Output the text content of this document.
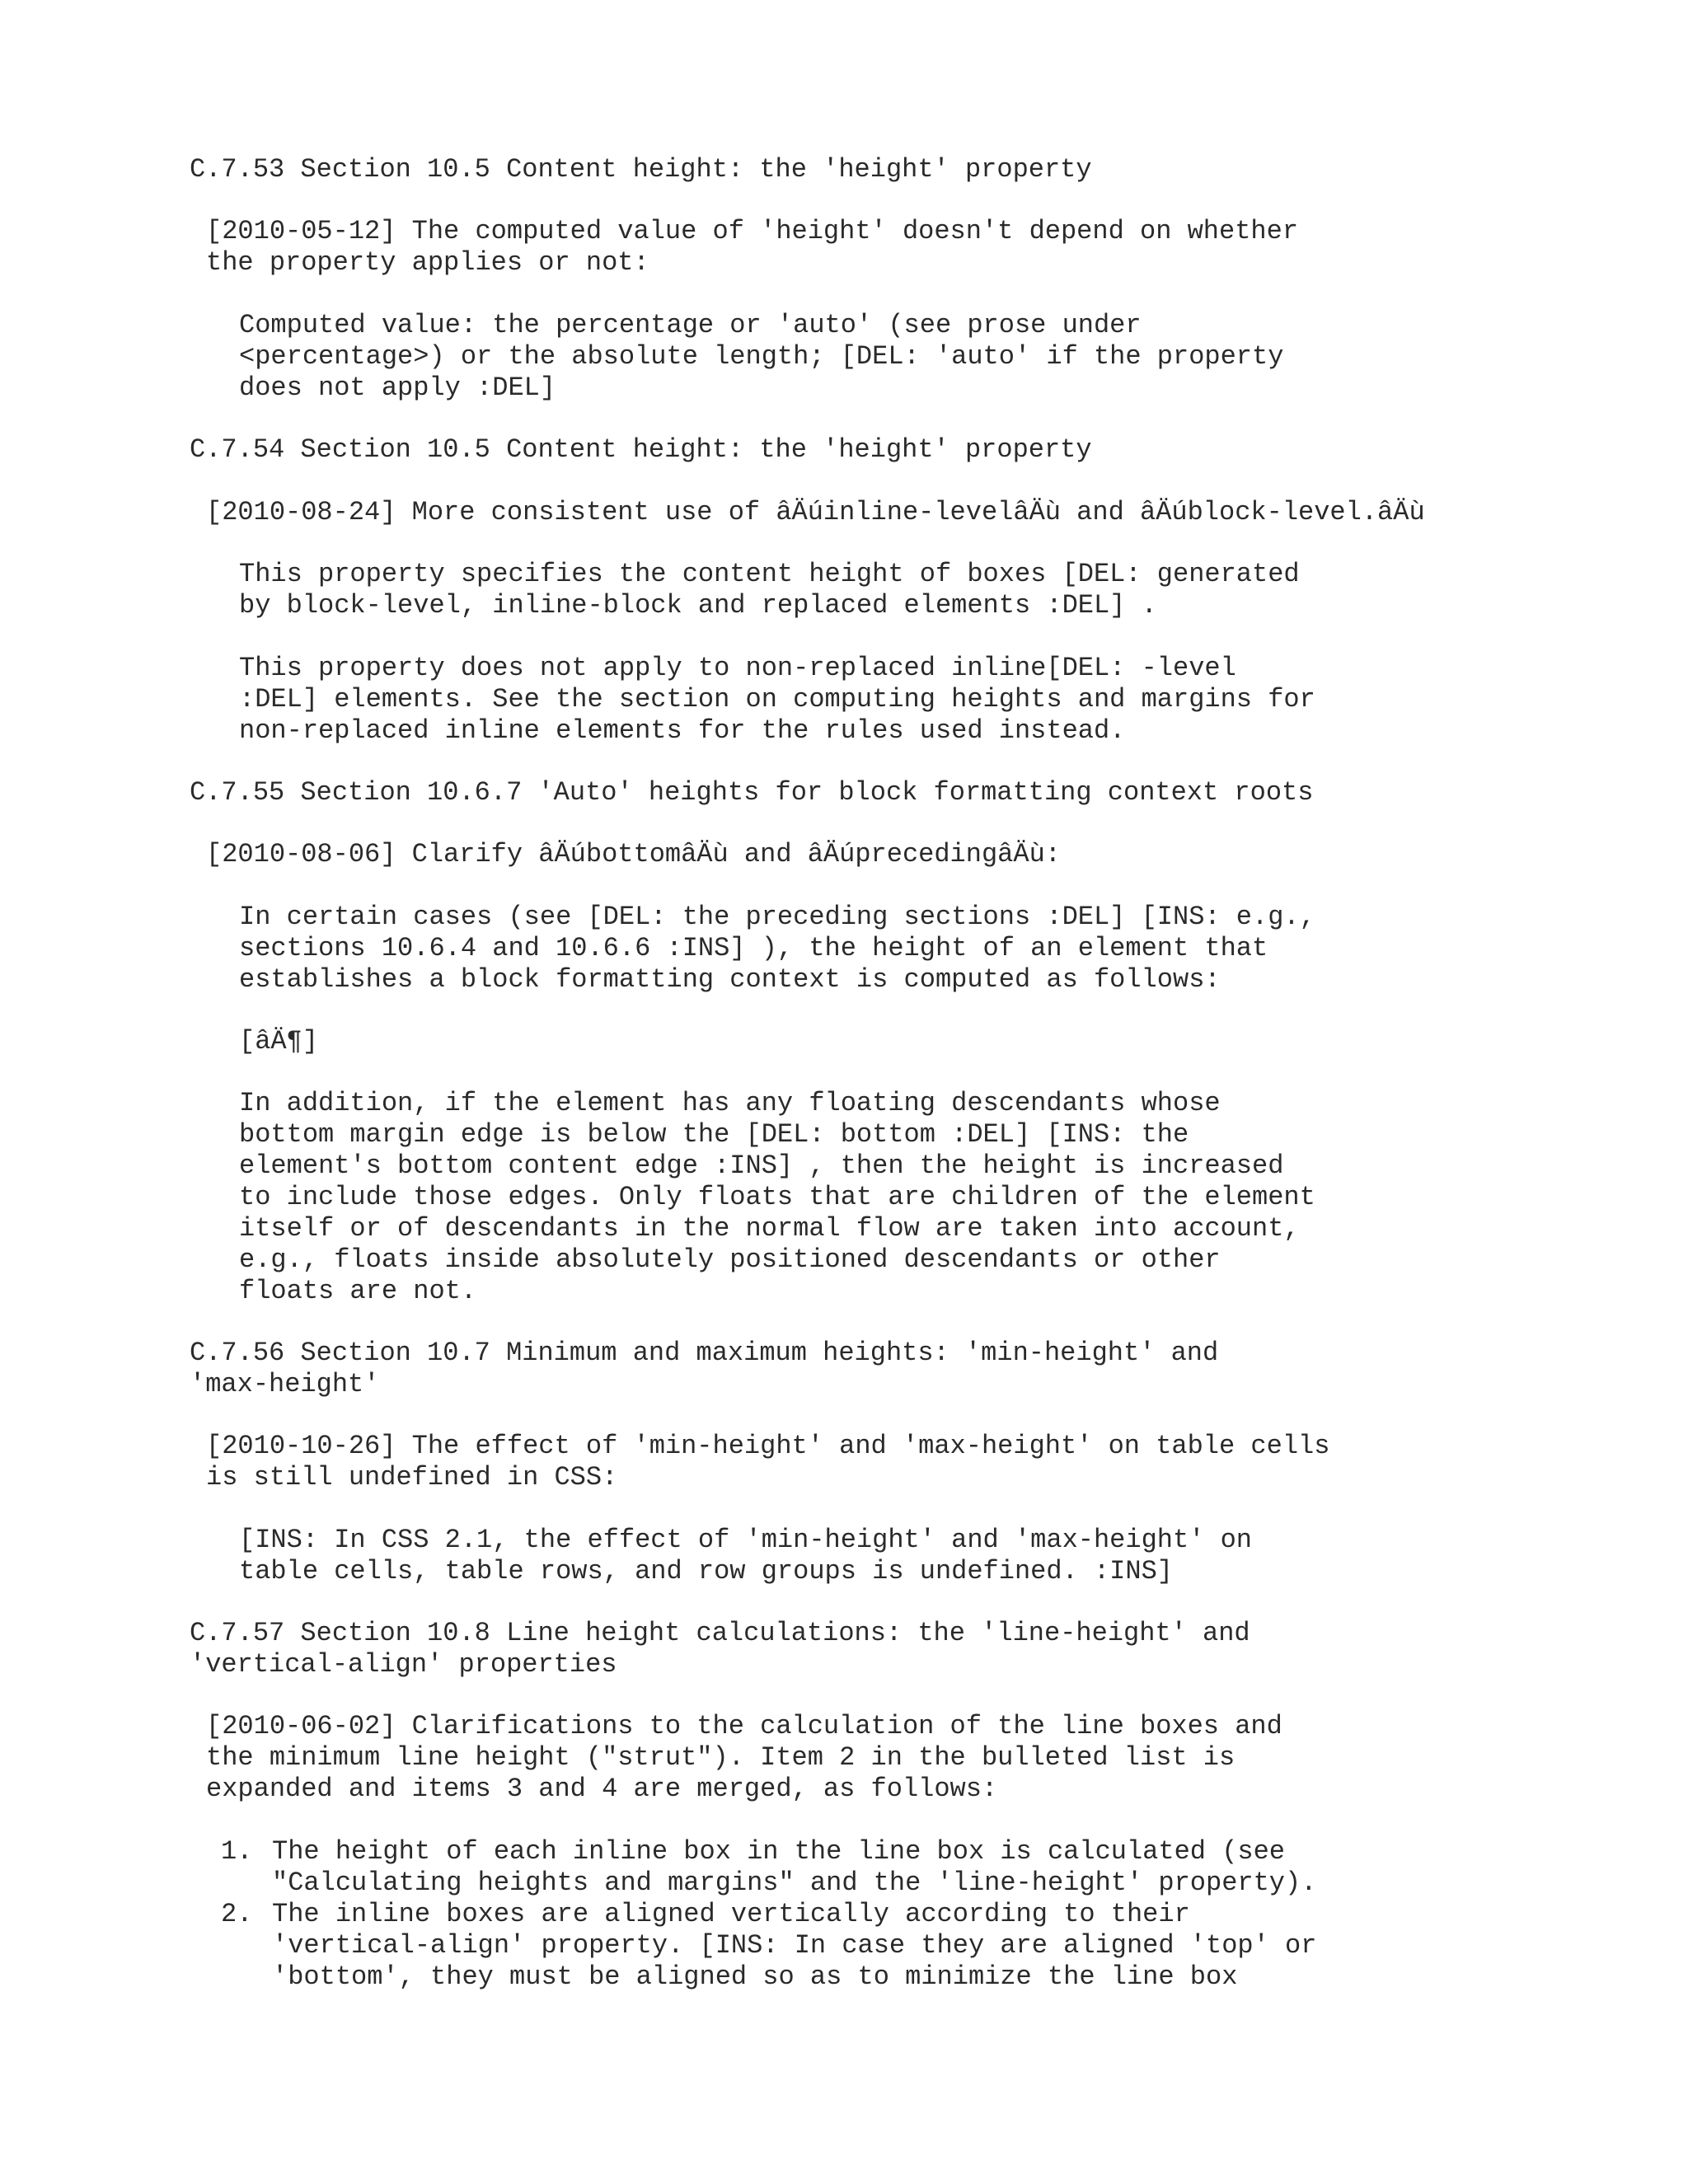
C.7.53 Section 10.5 Content height: the 'height' property

[2010-05-12] The computed value of 'height' doesn't depend on whether

the property applies or not:

Computed value: the percentage or 'auto' (see prose under

<percentage>) or the absolute length; [DEL: 'auto' if the property

does not apply :DEL]

C.7.54 Section 10.5 Content height: the 'height' property

[2010-08-24] More consistent use of âÄúinline-levelâÄù and âÄúblock-level.âÄù

This property specifies the content height of boxes [DEL: generated

by block-level, inline-block and replaced elements :DEL] .

This property does not apply to non-replaced inline[DEL: -level

:DEL] elements. See the section on computing heights and margins for

non-replaced inline elements for the rules used instead.

C.7.55 Section 10.6.7 'Auto' heights for block formatting context roots

[2010-08-06] Clarify âÄúbottomâÄù and âÄúprecedingâÄù:

In certain cases (see [DEL: the preceding sections :DEL] [INS: e.g.,

sections 10.6.4 and 10.6.6 :INS] ), the height of an element that

establishes a block formatting context is computed as follows:

[âÄ¶]

In addition, if the element has any floating descendants whose

bottom margin edge is below the [DEL: bottom :DEL] [INS: the

element's bottom content edge :INS] , then the height is increased

to include those edges. Only floats that are children of the element

itself or of descendants in the normal flow are taken into account,

e.g., floats inside absolutely positioned descendants or other

floats are not.

C.7.56 Section 10.7 Minimum and maximum heights: 'min-height' and

'max-height'

[2010-10-26] The effect of 'min-height' and 'max-height' on table cells

is still undefined in CSS:

[INS: In CSS 2.1, the effect of 'min-height' and 'max-height' on

table cells, table rows, and row groups is undefined. :INS]

C.7.57 Section 10.8 Line height calculations: the 'line-height' and

'vertical-align' properties

[2010-06-02] Clarifications to the calculation of the line boxes and

the minimum line height ("strut"). Item 2 in the bulleted list is

expanded and items 3 and 4 are merged, as follows:

1. The height of each inline box in the line box is calculated (see

"Calculating heights and margins" and the 'line-height' property).

2. The inline boxes are aligned vertically according to their

'vertical-align' property. [INS: In case they are aligned 'top' or

'bottom', they must be aligned so as to minimize the line box
